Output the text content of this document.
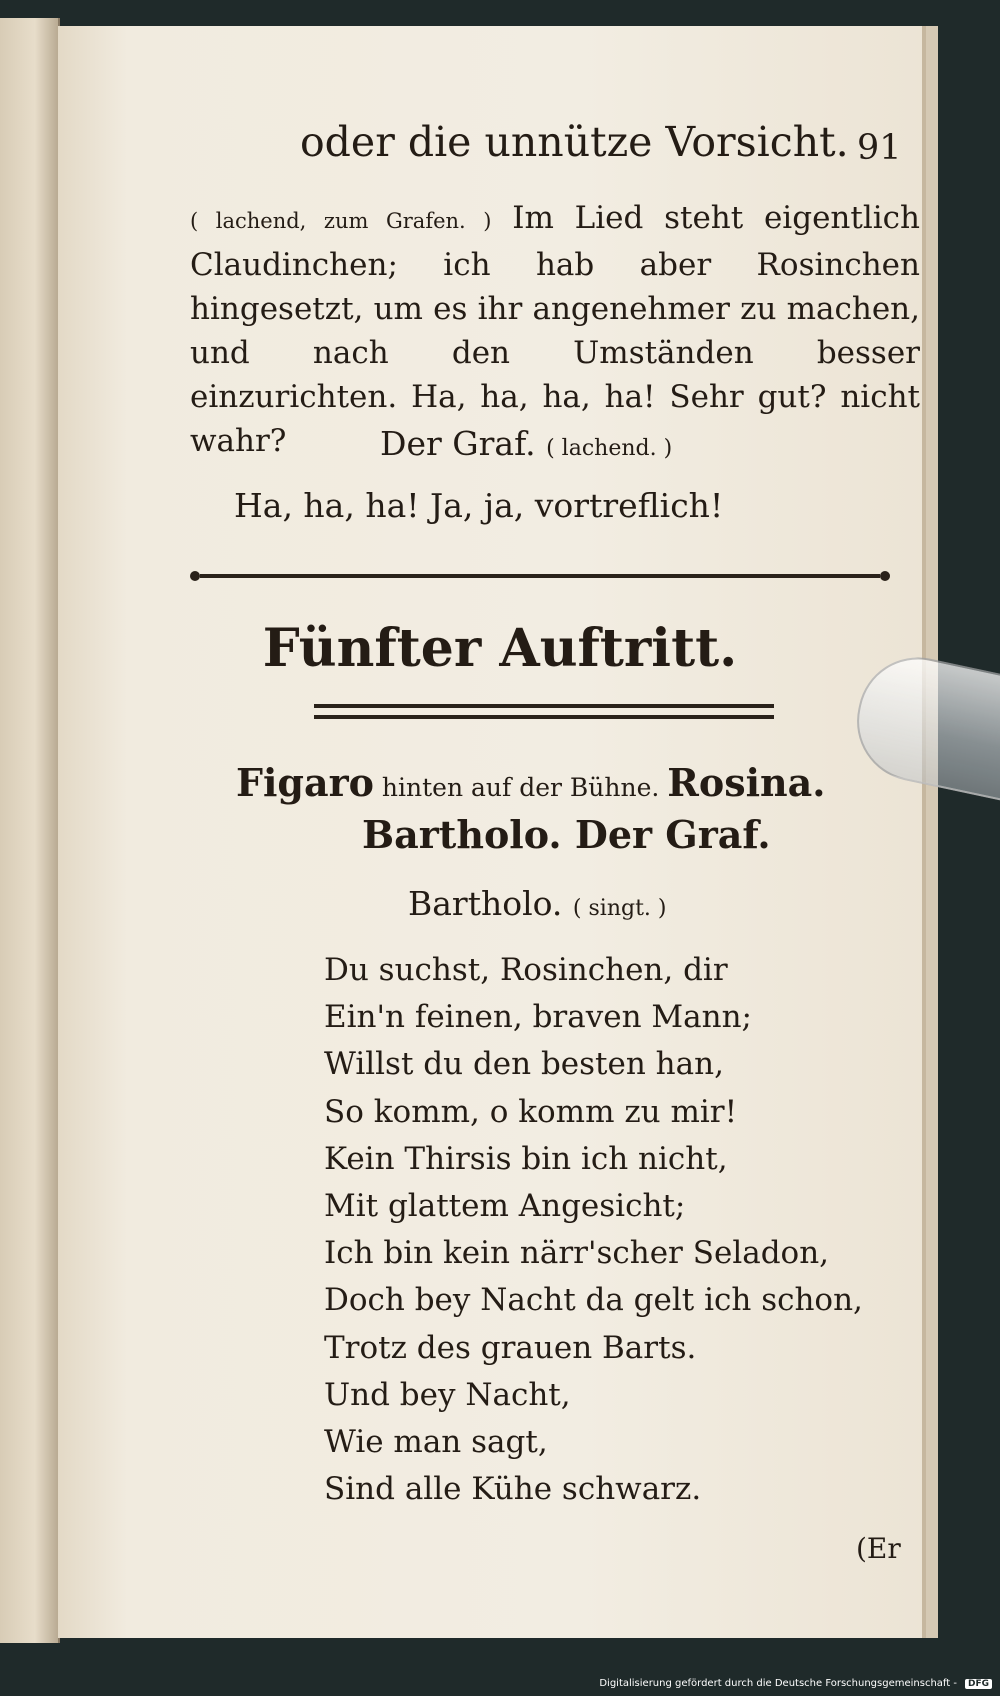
oder die unnütze Vorsicht. 91
( lachend, zum Grafen. ) Im Lied steht eigentlich Claudinchen; ich hab aber Rosinchen hingesetzt, um es ihr angenehmer zu machen, und nach den Umständen besser einzurichten. Ha, ha, ha, ha! Sehr gut? nicht wahr?	Der Graf. ( lachend. )
Ha, ha, ha! Ja, ja, vortreflich!
Fünfter Auftritt.
Figaro hinten auf der Bühne. Rosina.
Bartholo. Der Graf.
Bartholo. ( singt. )
Du suchst, Rosinchen, dir
Ein'n feinen, braven Mann;
Willst du den besten han,
So komm, o komm zu mir!
Kein Thirsis bin ich nicht,
Mit glattem Angesicht;
Ich bin kein närr'scher Seladon,
Doch bey Nacht da gelt ich schon,
Trotz des grauen Barts.
Und bey Nacht,
Wie man sagt,
Sind alle Kühe schwarz.
(Er
Digitalisierung gefördert durch die Deutsche Forschungsgemeinschaft - DFG
